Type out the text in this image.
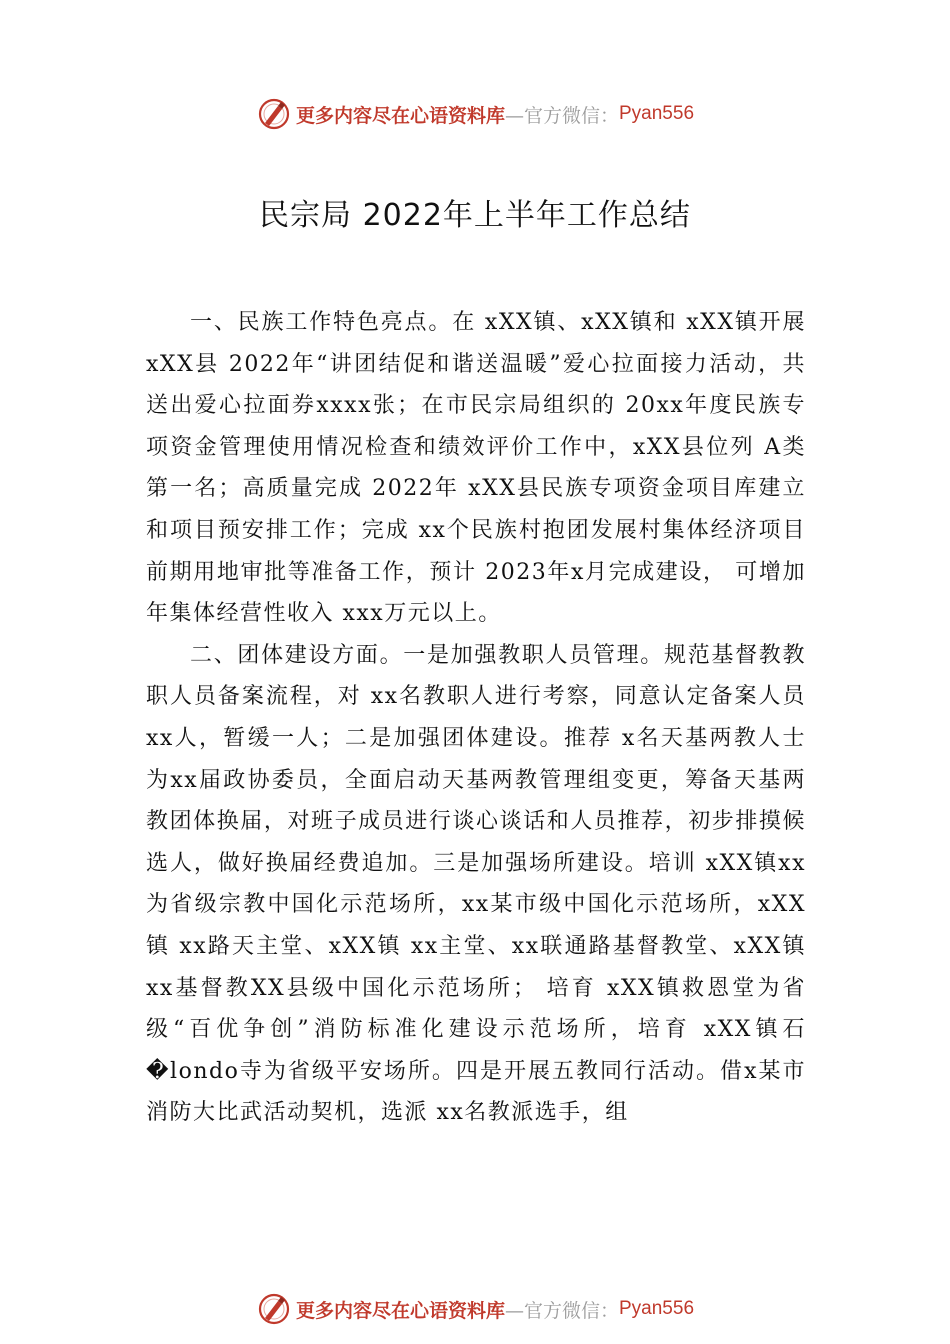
更多内容尽在心语资料库 —官方微信： Pyan556
民宗局 2022年上半年工作总结

一、民族工作特色亮点。在 xXX镇、xXX镇和 xXX镇开展 xXX县 2022年“讲团结促和谐送温暖”爱心拉面接力活动，共送出爱心拉面券xxxx张；在市民宗局组织的 20xx年度民族专项资金管理使用情况检查和绩效评价工作中，xXX县位列 A类第一名；高质量完成 2022年 xXX县民族专项资金项目库建立和项目预安排工作；完成 xx个民族村抱团发展村集体经济项目前期用地审批等准备工作，预计 2023年x月完成建设， 可增加年集体经营性收入 xxx万元以上。

二、团体建设方面。一是加强教职人员管理。规范基督教教职人员备案流程，对 xx名教职人进行考察，同意认定备案人员xx人，暂缓一人；二是加强团体建设。推荐 x名天基两教人士为xx届政协委员，全面启动天基两教管理组变更，筹备天基两教团体换届，对班子成员进行谈心谈话和人员推荐，初步排摸候选人，做好换届经费追加。三是加强场所建设。培训 xXX镇xx为省级宗教中国化示范场所，xx某市级中国化示范场所，xXX镇 xx路天主堂、xXX镇 xx主堂、xx联通路基督教堂、xXX镇 xx基督教XX县级中国化示范场所； 培育 xXX镇救恩堂为省级“百优争创”消防标准化建设示范场所，培育 xXX镇石�londo寺为省级平安场所。四是开展五教同行活动。借x某市消防大比武活动契机，选派 xx名教派选手，组

更多内容尽在心语资料库 —官方微信： Pyan556
